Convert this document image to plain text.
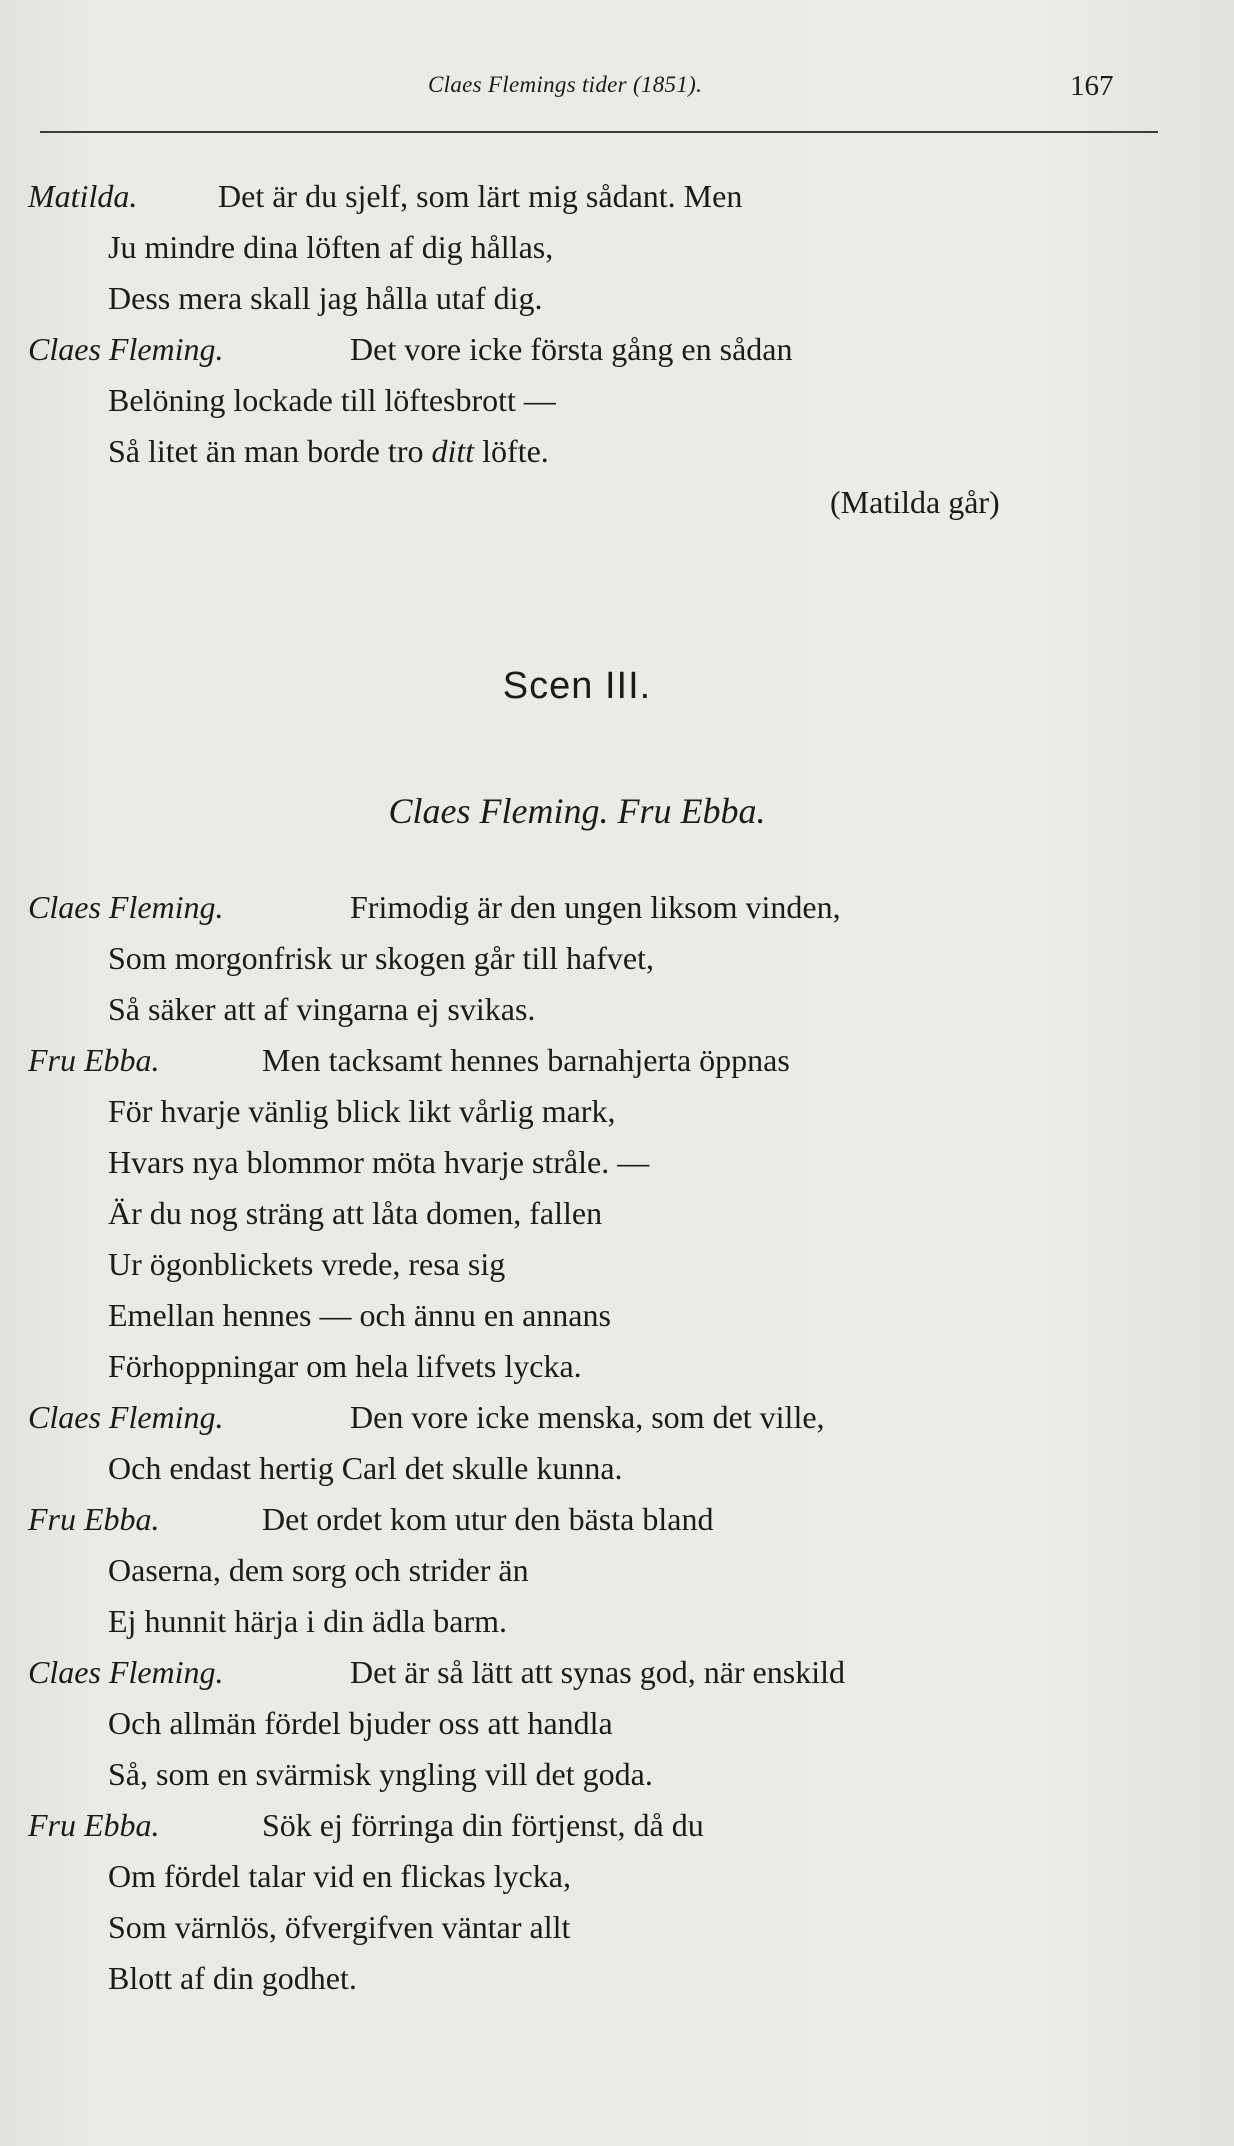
Claes Flemings tider (1851).	167
Matilda.	Det är du sjelf, som lärt mig sådant. Men
Ju mindre dina löften af dig hållas,
Dess mera skall jag hålla utaf dig.
Claes Fleming.	Det vore icke första gång en sådan
Belöning lockade till löftesbrott —
Så litet än man borde tro ditt löfte.
(Matilda går)
Scen III.
Claes Fleming. Fru Ebba.
Claes Fleming.	Frimodig är den ungen liksom vinden,
Som morgonfrisk ur skogen går till hafvet,
Så säker att af vingarna ej svikas.
Fru Ebba.	Men tacksamt hennes barnahjerta öppnas
För hvarje vänlig blick likt vårlig mark,
Hvars nya blommor möta hvarje stråle. —
Är du nog sträng att låta domen, fallen
Ur ögonblickets vrede, resa sig
Emellan hennes — och ännu en annans
Förhoppningar om hela lifvets lycka.
Claes Fleming.	Den vore icke menska, som det ville,
Och endast hertig Carl det skulle kunna.
Fru Ebba.	Det ordet kom utur den bästa bland
Oaserna, dem sorg och strider än
Ej hunnit härja i din ädla barm.
Claes Fleming.	Det är så lätt att synas god, när enskild
Och allmän fördel bjuder oss att handla
Så, som en svärmisk yngling vill det goda.
Fru Ebba.	Sök ej förringa din förtjenst, då du
Om fördel talar vid en flickas lycka,
Som värnlös, öfvergifven väntar allt
Blott af din godhet.
